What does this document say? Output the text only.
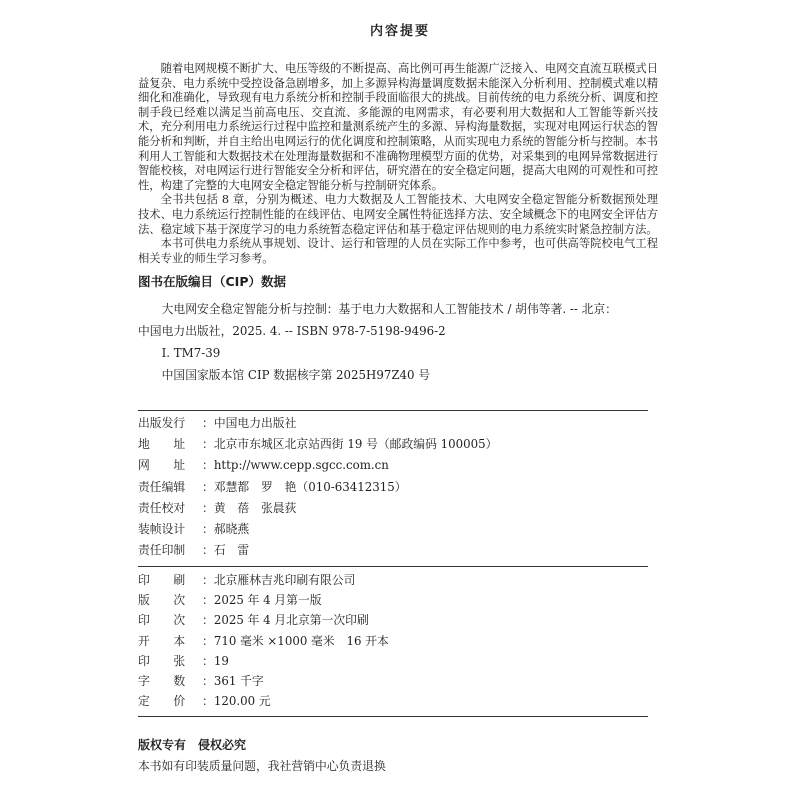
内容提要

随着电网规模不断扩大、电压等级的不断提高、高比例可再生能源广泛接入、电网交直流互联模式日益复杂、电力系统中受控设备急剧增多，加上多源异构海量调度数据未能深入分析利用、控制模式难以精细化和准确化，导致现有电力系统分析和控制手段面临很大的挑战。目前传统的电力系统分析、调度和控制手段已经难以满足当前高电压、交直流、多能源的电网需求，有必要利用大数据和人工智能等新兴技术，充分利用电力系统运行过程中监控和量测系统产生的多源、异构海量数据，实现对电网运行状态的智能分析和判断，并自主给出电网运行的优化调度和控制策略，从而实现电力系统的智能分析与控制。本书利用人工智能和大数据技术在处理海量数据和不准确物理模型方面的优势，对采集到的电网异常数据进行智能校核，对电网运行进行智能安全分析和评估，研究潜在的安全稳定问题，提高大电网的可观性和可控性，构建了完整的大电网安全稳定智能分析与控制研究体系。

全书共包括 8 章，分别为概述、电力大数据及人工智能技术、大电网安全稳定智能分析数据预处理技术、电力系统运行控制性能的在线评估、电网安全属性特征选择方法、安全域概念下的电网安全评估方法、稳定域下基于深度学习的电力系统暂态稳定评估和基于稳定评估规则的电力系统实时紧急控制方法。

本书可供电力系统从事规划、设计、运行和管理的人员在实际工作中参考，也可供高等院校电气工程相关专业的师生学习参考。

图书在版编目（CIP）数据
大电网安全稳定智能分析与控制：基于电力大数据和人工智能技术 / 胡伟等著. -- 北京：
中国电力出版社，2025. 4. -- ISBN 978-7-5198-9496-2
Ⅰ. TM7-39
中国国家版本馆 CIP 数据核字第 2025H97Z40 号
出版发行	： 中国电力出版社
地　　址	： 北京市东城区北京站西街 19 号（邮政编码 100005）
网　　址	： http://www.cepp.sgcc.com.cn
责任编辑	： 邓慧都　罗　艳（010-63412315）
责任校对	： 黄　蓓　张晨荻
装帧设计	： 郝晓燕
责任印制	： 石　雷
印　　刷	： 北京雁林吉兆印刷有限公司
版　　次	： 2025 年 4 月第一版
印　　次	： 2025 年 4 月北京第一次印刷
开　　本	： 710 毫米 ×1000 毫米　16 开本
印　　张	： 19
字　　数	： 361 千字
定　　价	： 120.00 元
版权专有　侵权必究
本书如有印装质量问题，我社营销中心负责退换
